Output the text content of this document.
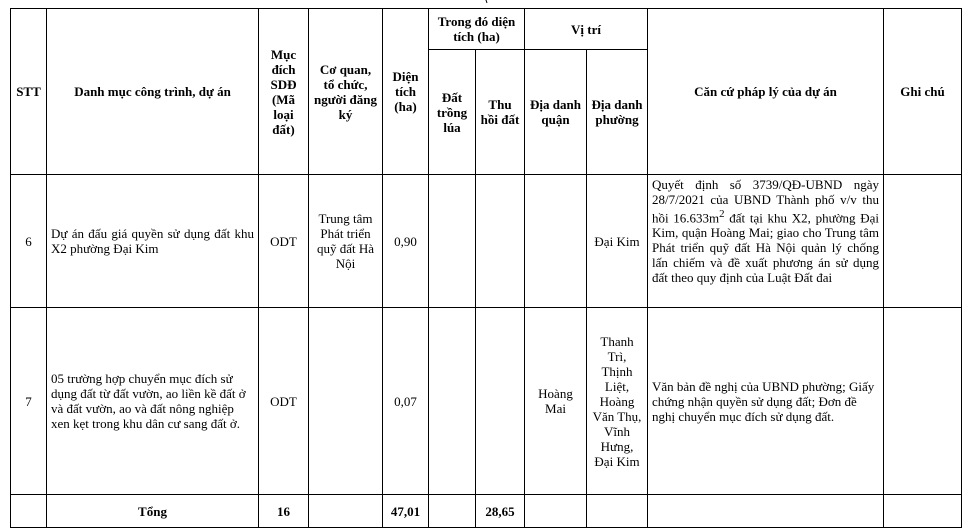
STT	Danh mục công trình, dự án	Mục đích SDĐ (Mã loại đất)	Cơ quan, tổ chức, người đăng ký	Diện tích (ha)	Trong đó diện tích (ha)		Vị trí		Căn cứ pháp lý của dự án	Ghi chú
					Đất trồng lúa	Thu hồi đất	Địa danh quận	Địa danh phường		
6	Dự án đấu giá quyền sử dụng đất khu X2 phường Đại Kim	ODT	Trung tâm Phát triển quỹ đất Hà Nội	0,90				Đại Kim	Quyết định số 3739/QĐ-UBND ngày 28/7/2021 của UBND Thành phố v/v thu hồi $16.633m^2$ đất tại khu X2, phường Đại Kim, quận Hoàng Mai; giao cho Trung tâm Phát triển quỹ đất Hà Nội quản lý chống lấn chiếm và đề xuất phương án sử dụng đất theo quy định của Luật Đất đai	
7	05 trường hợp chuyển mục đích sử dụng đất từ đất vườn, ao liền kề đất ở và đất vườn, ao và đất nông nghiệp xen kẹt trong khu dân cư sang đất ở.	ODT		0,07			Hoàng Mai	Thanh Trì, Thịnh Liệt, Hoàng Văn Thụ, Vĩnh Hưng, Đại Kim	Văn bản đề nghị của UBND phường; Giấy chứng nhận quyền sử dụng đất; Đơn đề nghị chuyển mục đích sử dụng đất.	
	Tổng	16		47,01		28,65				
